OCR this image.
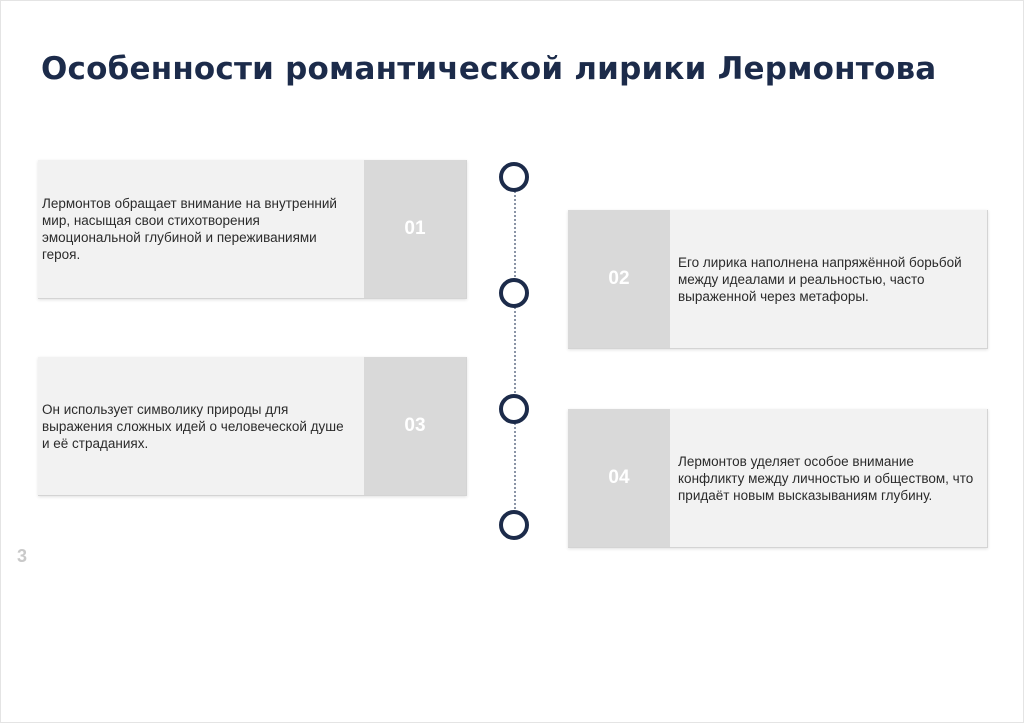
Особенности романтической лирики Лермонтова
Лермонтов обращает внимание на внутренний мир, насыщая свои стихотворения эмоциональной глубиной и переживаниями героя.
01
02
Его лирика наполнена напряжённой борьбой между идеалами и реальностью, часто выраженной через метафоры.
Он использует символику природы для выражения сложных идей о человеческой душе и её страданиях.
03
04
Лермонтов уделяет особое внимание конфликту между личностью и обществом, что придаёт новым высказываниям глубину.
3
